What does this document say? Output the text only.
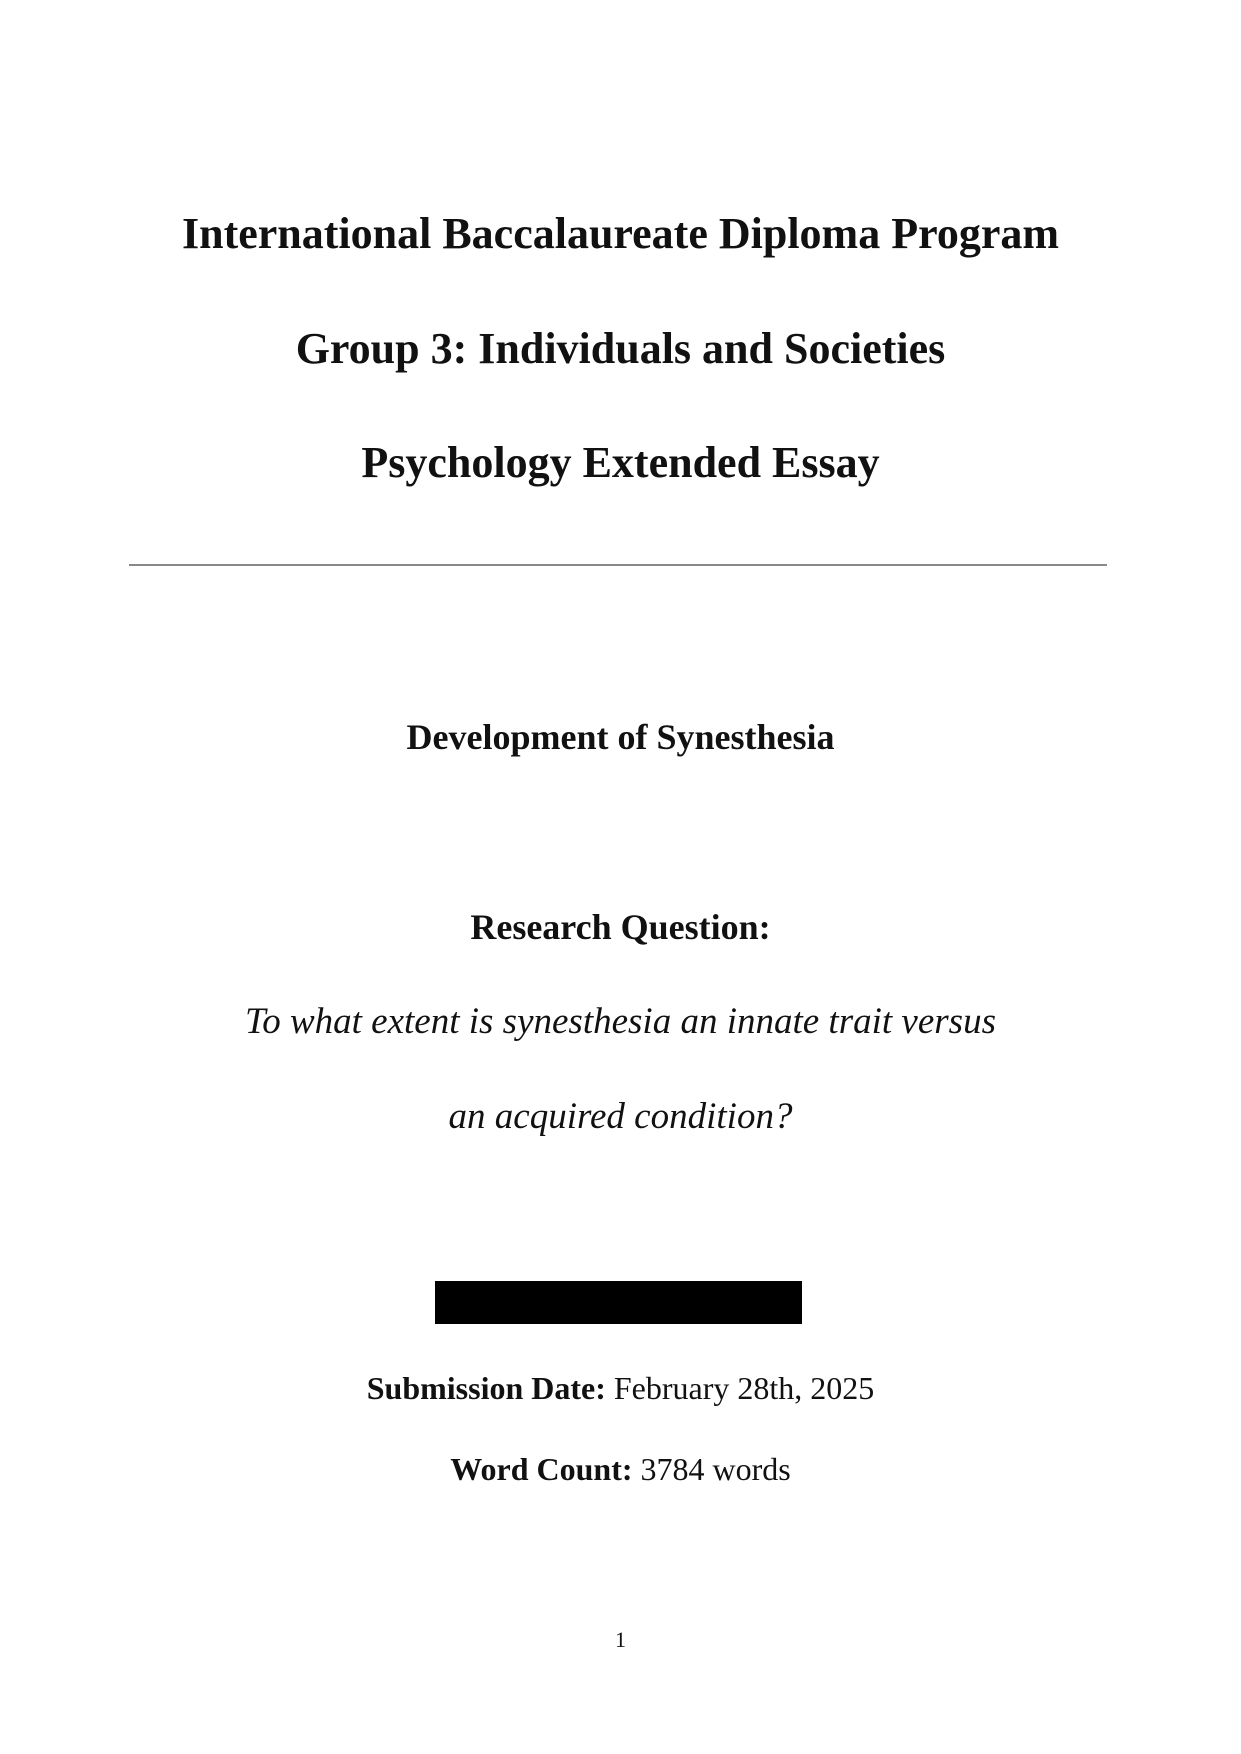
International Baccalaureate Diploma Program
Group 3: Individuals and Societies
Psychology Extended Essay
Development of Synesthesia
Research Question:
To what extent is synesthesia an innate trait versus
an acquired condition?
Submission Date: February 28th, 2025
Word Count: 3784 words
1
